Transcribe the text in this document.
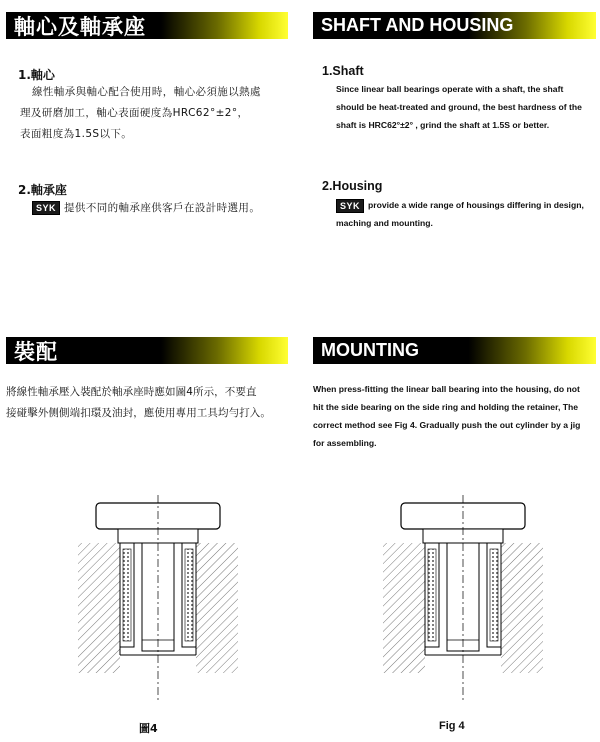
軸心及軸承座
1.軸心
線性軸承與軸心配合使用時，軸心必須施以熱處
理及研磨加工，軸心表面硬度為HRC62°±2°，
表面粗度為1.5S以下。
2.軸承座
SYK 提供不同的軸承座供客戶在設計時選用。
裝配
將線性軸承壓入裝配於軸承座時應如圖4所示，不要直
接碰擊外侧側端扣環及油封，應使用專用工具均勻打入。
SHAFT AND HOUSING
1.Shaft
Since linear ball bearings operate with a shaft, the shaft
should be heat-treated and ground, the best hardness of the
shaft is HRC62°±2° , grind the shaft at 1.5S or better.
2.Housing
SYK provide a wide range of housings differing in design,
maching and mounting.
MOUNTING
When press-fitting the linear ball bearing into the housing, do not
hit the side bearing on the side ring and holding the retainer, The
correct method see Fig 4. Gradually push the out cylinder by a jig
for assembling.
圖4	Fig 4
